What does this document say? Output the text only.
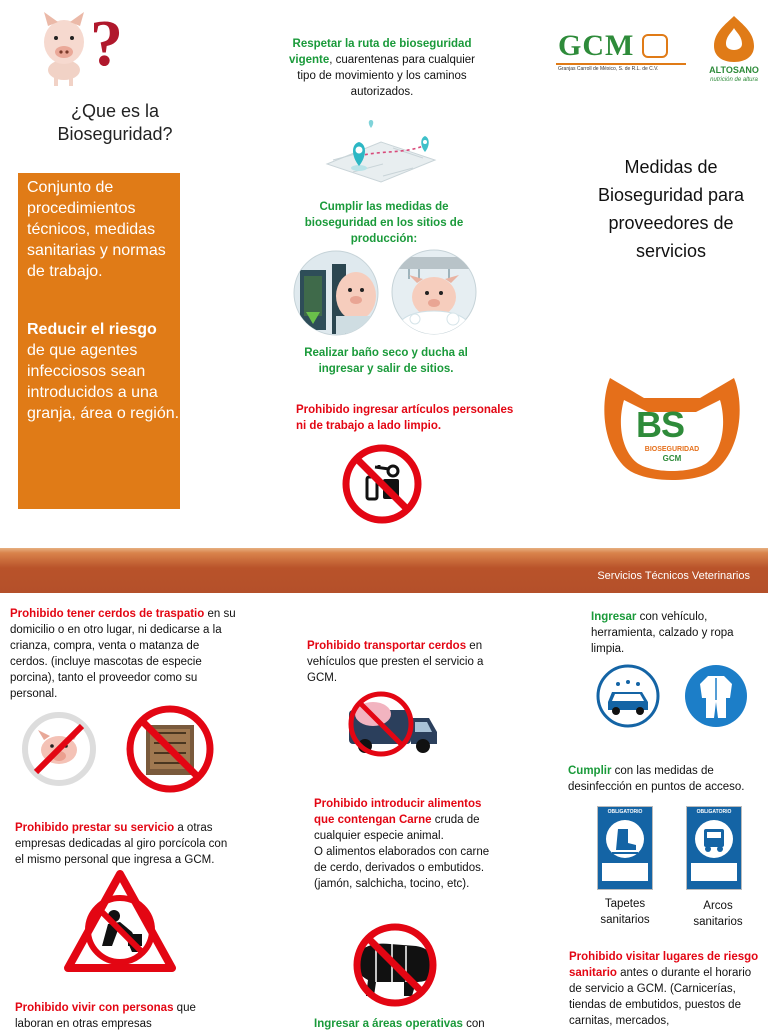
?
¿Que es la Bioseguridad?
Conjunto de procedimientos técnicos, medidas sanitarias y normas de trabajo.
Reducir el riesgo
de que agentes infecciosos sean introducidos a una granja, área o región.
Respetar la ruta de bioseguridad vigente, cuarentenas para cualquier tipo de movimiento y los caminos autorizados.
Cumplir las medidas de bioseguridad en los sitios de producción:
Realizar baño seco y ducha al ingresar y salir de sitios.
Prohibido ingresar artículos personales ni de trabajo a lado limpio.
GCM
Granjas Carroll de México, S. de R.L. de C.V.	ALTOSANO
nutrición de altura
Medidas de Bioseguridad para proveedores de servicios
BS
BIOSEGURIDAD
GCM
Servicios Técnicos Veterinarios
Prohibido tener cerdos de traspatio en su domicilio o en otro lugar, ni dedicarse a la crianza, compra, venta o matanza de cerdos. (incluye mascotas de especie porcina), tanto el proveedor como su personal.
Prohibido prestar su servicio a otras empresas dedicadas al giro porcícola con el mismo personal que ingresa a GCM.
Prohibido vivir con personas que laboran en otras empresas
Prohibido transportar cerdos en vehículos que presten el servicio a GCM.
Prohibido introducir alimentos que contengan Carne cruda de cualquier especie animal.
O alimentos elaborados con carne de cerdo, derivados o embutidos. (jamón, salchicha, tocino, etc).
Ingresar a áreas operativas con
Ingresar con vehículo, herramienta, calzado y ropa limpia.
Cumplir con las medidas de desinfección en puntos de acceso.
OBLIGATORIO	OBLIGATORIO
Tapetes sanitarios
Arcos sanitarios
Prohibido visitar lugares de riesgo sanitario antes o durante el horario de servicio a GCM. (Carnicerías, tiendas de embutidos, puestos de carnitas, mercados,
